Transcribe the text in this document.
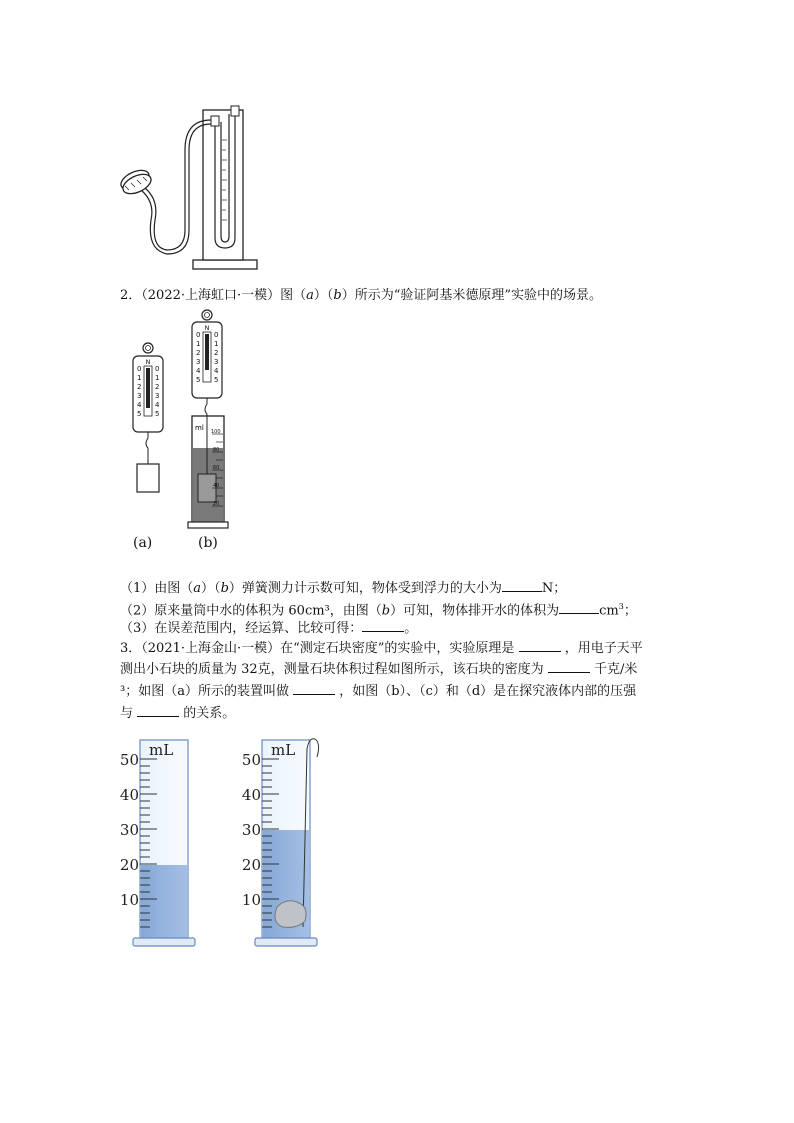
2．（2022·上海虹口·一模）图（a）（b）所示为“验证阿基米德原理”实验中的场景。
N
0
1
2
3
4
5
0
1
2
3
4
5
N
0
1
2
3
4
5
0
1
2
3
4
5
ml 100
80
60
40
20
(a)	(b)
（1）由图（a）（b）弹簧测力计示数可知，物体受到浮力的大小为	N；
（2）原来量筒中水的体积为 60cm³，由图（b）可知，物体排开水的体积为	$cm^3$；
（3）在误差范围内，经运算、比较可得：	。
3．（2021·上海金山·一模）在“测定石块密度”的实验中，实验原理是	，用电子天平
测出小石块的质量为 32克，测量石块体积过程如图所示，该石块的密度为	千克/米
³；如图（a）所示的装置叫做	，如图（b）、（c）和（d）是在探究液体内部的压强
与	的关系。
mL
50
40
30
20
10
mL
50
40
30
20
10
